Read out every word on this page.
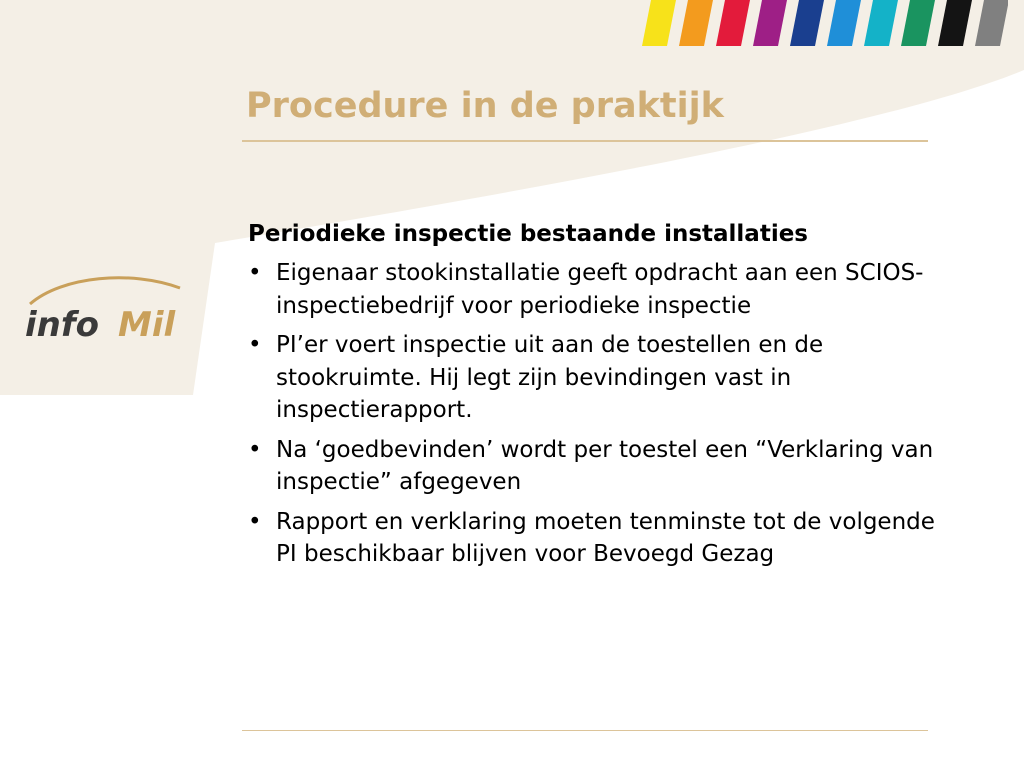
info Mil
Procedure in de praktijk

Periodieke inspectie bestaande installaties

• Eigenaar stookinstallatie geeft opdracht aan een SCIOS-inspectiebedrijf voor periodieke inspectie
• PI’er voert inspectie uit aan de toestellen en de stookruimte. Hij legt zijn bevindingen vast in inspectierapport.
• Na ‘goedbevinden’ wordt per toestel een “Verklaring van inspectie” afgegeven
• Rapport en verklaring moeten tenminste tot de volgende PI beschikbaar blijven voor Bevoegd Gezag
